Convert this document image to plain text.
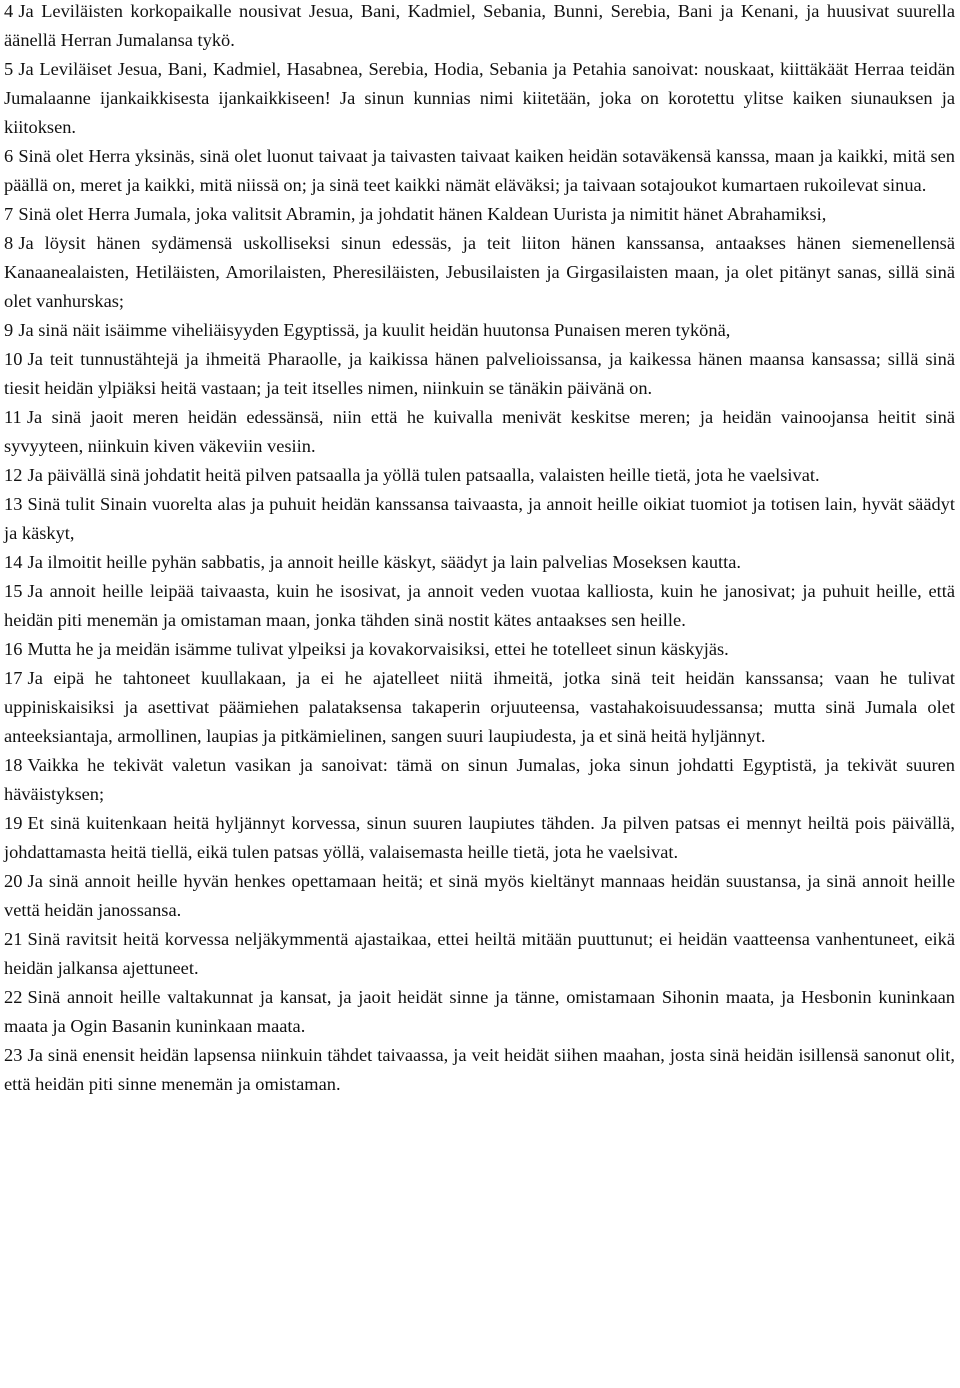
4 Ja Leviläisten korkopaikalle nousivat Jesua, Bani, Kadmiel, Sebania, Bunni, Serebia, Bani ja Kenani, ja huusivat suurella äänellä Herran Jumalansa tykö.

5 Ja Leviläiset Jesua, Bani, Kadmiel, Hasabnea, Serebia, Hodia, Sebania ja Petahia sanoivat: nouskaat, kiittäkäät Herraa teidän Jumalaanne ijankaikkisesta ijankaikkiseen! Ja sinun kunnias nimi kiitetään, joka on korotettu ylitse kaiken siunauksen ja kiitoksen.

6 Sinä olet Herra yksinäs, sinä olet luonut taivaat ja taivasten taivaat kaiken heidän sotaväkensä kanssa, maan ja kaikki, mitä sen päällä on, meret ja kaikki, mitä niissä on; ja sinä teet kaikki nämät eläväksi; ja taivaan sotajoukot kumartaen rukoilevat sinua.

7 Sinä olet Herra Jumala, joka valitsit Abramin, ja johdatit hänen Kaldean Uurista ja nimitit hänet Abrahamiksi,

8 Ja löysit hänen sydämensä uskolliseksi sinun edessäs, ja teit liiton hänen kanssansa, antaakses hänen siemenellensä Kanaanealaisten, Hetiläisten, Amorilaisten, Pheresiläisten, Jebusilaisten ja Girgasilaisten maan, ja olet pitänyt sanas, sillä sinä olet vanhurskas;

9 Ja sinä näit isäimme viheliäisyyden Egyptissä, ja kuulit heidän huutonsa Punaisen meren tykönä,

10 Ja teit tunnustähtejä ja ihmeitä Pharaolle, ja kaikissa hänen palvelioissansa, ja kaikessa hänen maansa kansassa; sillä sinä tiesit heidän ylpiäksi heitä vastaan; ja teit itselles nimen, niinkuin se tänäkin päivänä on.

11 Ja sinä jaoit meren heidän edessänsä, niin että he kuivalla menivät keskitse meren; ja heidän vainoojansa heitit sinä syvyyteen, niinkuin kiven väkeviin vesiin.

12 Ja päivällä sinä johdatit heitä pilven patsaalla ja yöllä tulen patsaalla, valaisten heille tietä, jota he vaelsivat.

13 Sinä tulit Sinain vuorelta alas ja puhuit heidän kanssansa taivaasta, ja annoit heille oikiat tuomiot ja totisen lain, hyvät säädyt ja käskyt,

14 Ja ilmoitit heille pyhän sabbatis, ja annoit heille käskyt, säädyt ja lain palvelias Moseksen kautta.

15 Ja annoit heille leipää taivaasta, kuin he isosivat, ja annoit veden vuotaa kalliosta, kuin he janosivat; ja puhuit heille, että heidän piti menemän ja omistaman maan, jonka tähden sinä nostit kätes antaakses sen heille.

16 Mutta he ja meidän isämme tulivat ylpeiksi ja kovakorvaisiksi, ettei he totelleet sinun käskyjäs.

17 Ja eipä he tahtoneet kuullakaan, ja ei he ajatelleet niitä ihmeitä, jotka sinä teit heidän kanssansa; vaan he tulivat uppiniskaisiksi ja asettivat päämiehen palataksensa takaperin orjuuteensa, vastahakoisuudessansa; mutta sinä Jumala olet anteeksiantaja, armollinen, laupias ja pitkämielinen, sangen suuri laupiudesta, ja et sinä heitä hyljännyt.

18 Vaikka he tekivät valetun vasikan ja sanoivat: tämä on sinun Jumalas, joka sinun johdatti Egyptistä, ja tekivät suuren häväistyksen;

19 Et sinä kuitenkaan heitä hyljännyt korvessa, sinun suuren laupiutes tähden. Ja pilven patsas ei mennyt heiltä pois päivällä, johdattamasta heitä tiellä, eikä tulen patsas yöllä, valaisemasta heille tietä, jota he vaelsivat.

20 Ja sinä annoit heille hyvän henkes opettamaan heitä; et sinä myös kieltänyt mannaas heidän suustansa, ja sinä annoit heille vettä heidän janossansa.

21 Sinä ravitsit heitä korvessa neljäkymmentä ajastaikaa, ettei heiltä mitään puuttunut; ei heidän vaatteensa vanhentuneet, eikä heidän jalkansa ajettuneet.

22 Sinä annoit heille valtakunnat ja kansat, ja jaoit heidät sinne ja tänne, omistamaan Sihonin maata, ja Hesbonin kuninkaan maata ja Ogin Basanin kuninkaan maata.

23 Ja sinä enensit heidän lapsensa niinkuin tähdet taivaassa, ja veit heidät siihen maahan, josta sinä heidän isillensä sanonut olit, että heidän piti sinne menemän ja omistaman.
